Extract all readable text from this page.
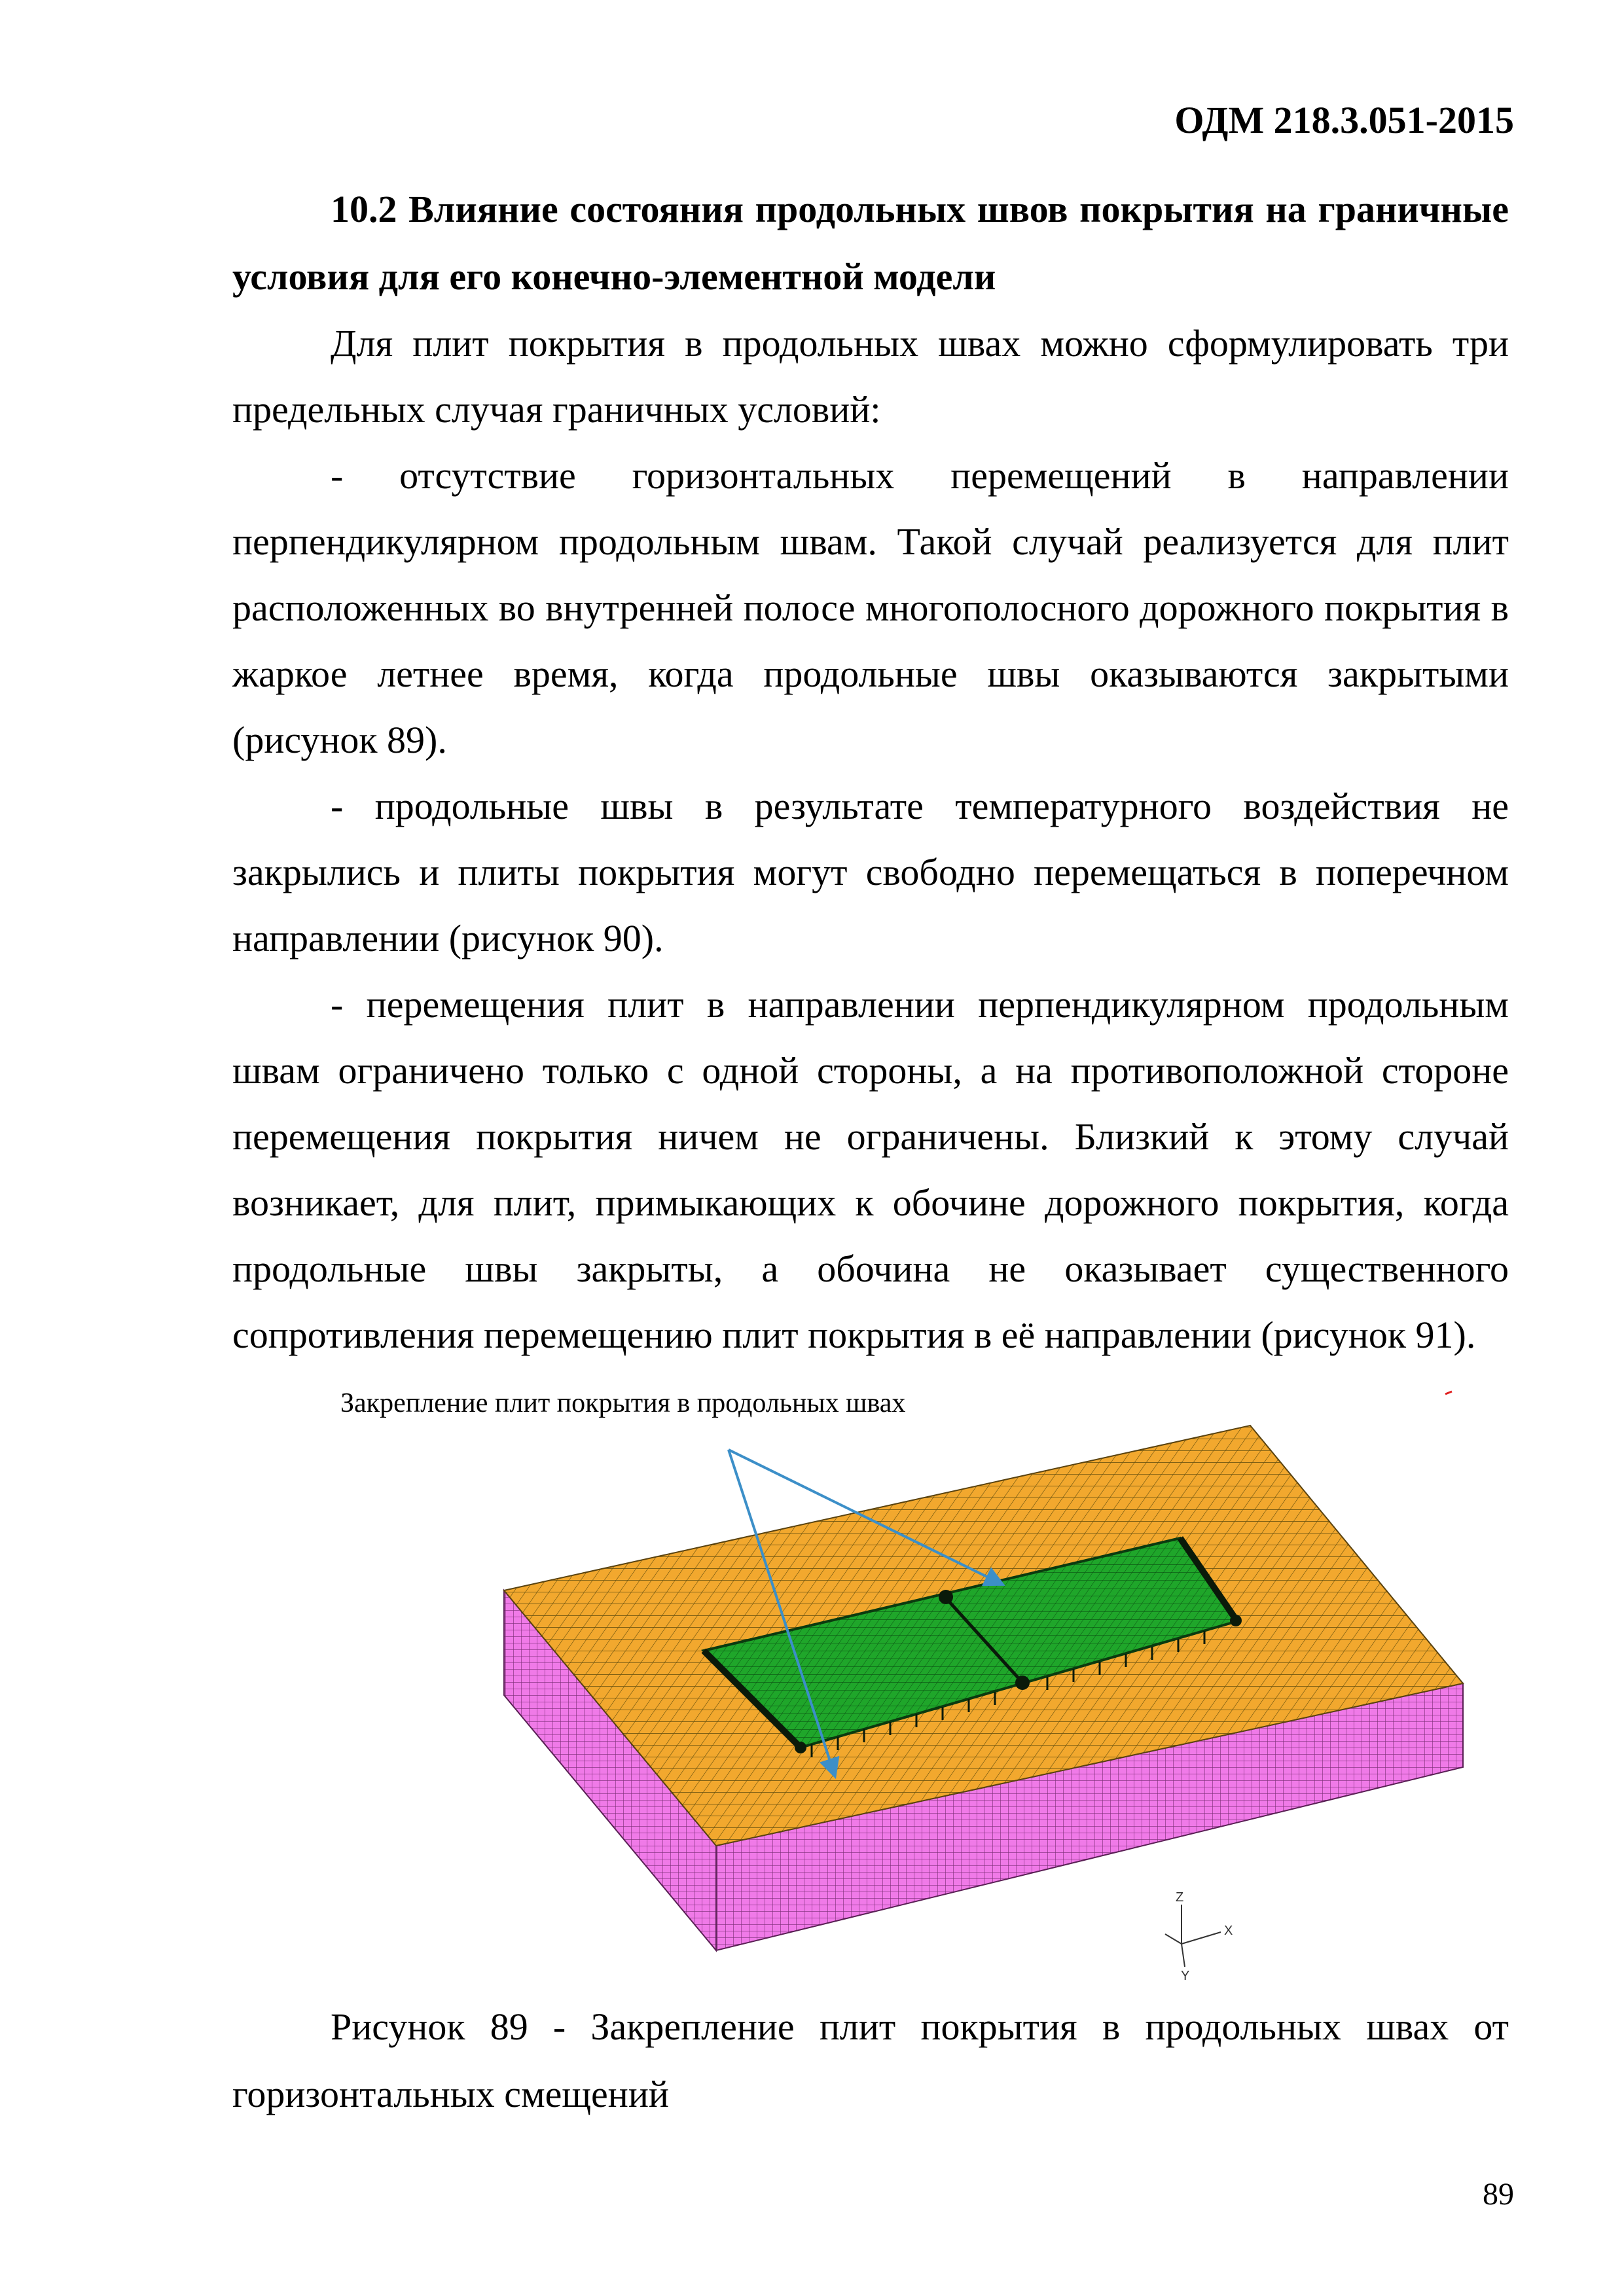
ОДМ 218.3.051-2015

10.2 Влияние состояния продольных швов покрытия на граничные условия для его конечно-элементной модели

Для плит покрытия в продольных швах можно сформулировать три предельных случая граничных условий:

- отсутствие горизонтальных перемещений в направлении перпендикулярном продольным швам. Такой случай реализуется для плит расположенных во внутренней полосе многополосного дорожного покрытия в жаркое летнее время, когда продольные швы оказываются закрытыми (рисунок 89).

- продольные швы в результате температурного воздействия не закрылись и плиты покрытия могут свободно перемещаться в поперечном направлении (рисунок 90).

- перемещения плит в направлении перпендикулярном продольным швам ограничено только с одной стороны, а на противоположной стороне перемещения покрытия ничем не ограничены. Близкий к этому случай возникает, для плит, примыкающих к обочине дорожного покрытия, когда продольные швы закрыты, а обочина не оказывает существенного сопротивления перемещению плит покрытия в её направлении (рисунок 91).

Z
X
Y
Закрепление плит покрытия в продольных швах

Рисунок 89 - Закрепление плит покрытия в продольных швах от горизонтальных смещений

89
